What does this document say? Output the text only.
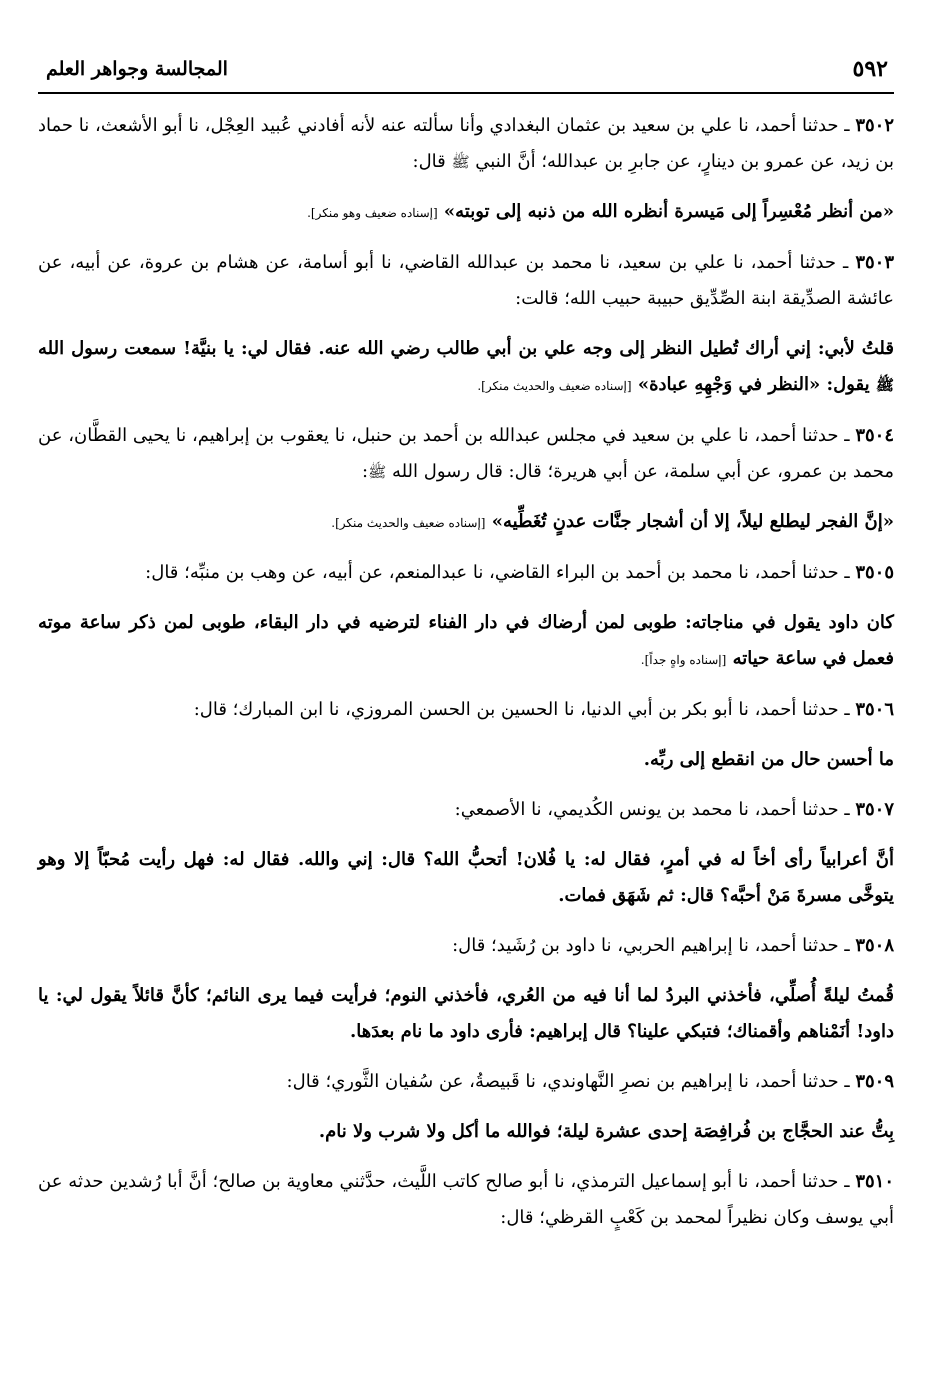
٥٩٢
المجالسة وجواهر العلم

٣٥٠٢ ـ حدثنا أحمد، نا علي بن سعيد بن عثمان البغدادي وأنا سألته عنه لأنه أفادني عُبيد العِجْل، نا أبو الأشعث، نا حماد بن زيد، عن عمرو بن دينارٍ، عن جابرِ بن عبدالله؛ أنَّ النبي ﷺ قال:

«من أنظر مُعْسِراً إلى مَيسرة أنظره الله من ذنبه إلى توبته» [إسناده ضعيف وهو منكر].

٣٥٠٣ ـ حدثنا أحمد، نا علي بن سعيد، نا محمد بن عبدالله القاضي، نا أبو أسامة، عن هشام بن عروة، عن أبيه، عن عائشة الصدِّيقة ابنة الصِّدِّيق حبيبة حبيب الله؛ قالت:

قلتُ لأبي: إني أراك تُطيل النظر إلى وجه علي بن أبي طالب رضي الله عنه. فقال لي: يا بنيَّة! سمعت رسول الله ﷺ يقول: «النظر في وَجْهِهِ عبادة» [إسناده ضعيف والحديث منكر].

٣٥٠٤ ـ حدثنا أحمد، نا علي بن سعيد في مجلس عبدالله بن أحمد بن حنبل، نا يعقوب بن إبراهيم، نا يحيى القطَّان، عن محمد بن عمرو، عن أبي سلمة، عن أبي هريرة؛ قال: قال رسول الله ﷺ:

«إنَّ الفجر ليطلع ليلاً، إلا أن أشجار جنَّات عدنٍ تُغَطِّيه» [إسناده ضعيف والحديث منكر].

٣٥٠٥ ـ حدثنا أحمد، نا محمد بن أحمد بن البراء القاضي، نا عبدالمنعم، عن أبيه، عن وهب بن منبِّه؛ قال:

كان داود يقول في مناجاته: طوبى لمن أرضاك في دار الفناء لترضيه في دار البقاء، طوبى لمن ذكر ساعة موته فعمل في ساعة حياته [إسناده واهٍ جداً].

٣٥٠٦ ـ حدثنا أحمد، نا أبو بكر بن أبي الدنيا، نا الحسين بن الحسن المروزي، نا ابن المبارك؛ قال:

ما أحسن حال من انقطع إلى ربِّه.

٣٥٠٧ ـ حدثنا أحمد، نا محمد بن يونس الكُديمي، نا الأصمعي:

أنَّ أعرابياً رأى أخاً له في أمرٍ، فقال له: يا فُلان! أتحبُّ الله؟ قال: إني والله. فقال له: فهل رأيت مُحبّاً إلا وهو يتوخَّى مسرةَ مَنْ أحبَّه؟ قال: ثم شَهَق فمات.

٣٥٠٨ ـ حدثنا أحمد، نا إبراهيم الحربي، نا داود بن رُشَيد؛ قال:

قُمتُ ليلةً أُصلِّي، فأخذني البردُ لما أنا فيه من العُري، فأخذني النوم؛ فرأيت فيما يرى النائم؛ كأنَّ قائلاً يقول لي: يا داود! أنَمْناهم وأقمناك؛ فتبكي علينا؟ قال إبراهيم: فأرى داود ما نام بعدَها.

٣٥٠٩ ـ حدثنا أحمد، نا إبراهيم بن نصرِ النَّهاوندي، نا قَبيصةُ، عن سُفيان الثَّوري؛ قال:

بِتُّ عند الحجَّاج بن فُرافِصَة إحدى عشرة ليلة؛ فوالله ما أكل ولا شرب ولا نام.

٣٥١٠ ـ حدثنا أحمد، نا أبو إسماعيل الترمذي، نا أبو صالح كاتب اللَّيث، حدَّثني معاوية بن صالح؛ أنَّ أبا رُشدين حدثه عن أبي يوسف وكان نظيراً لمحمد بن كَعْبٍ القرظي؛ قال:
